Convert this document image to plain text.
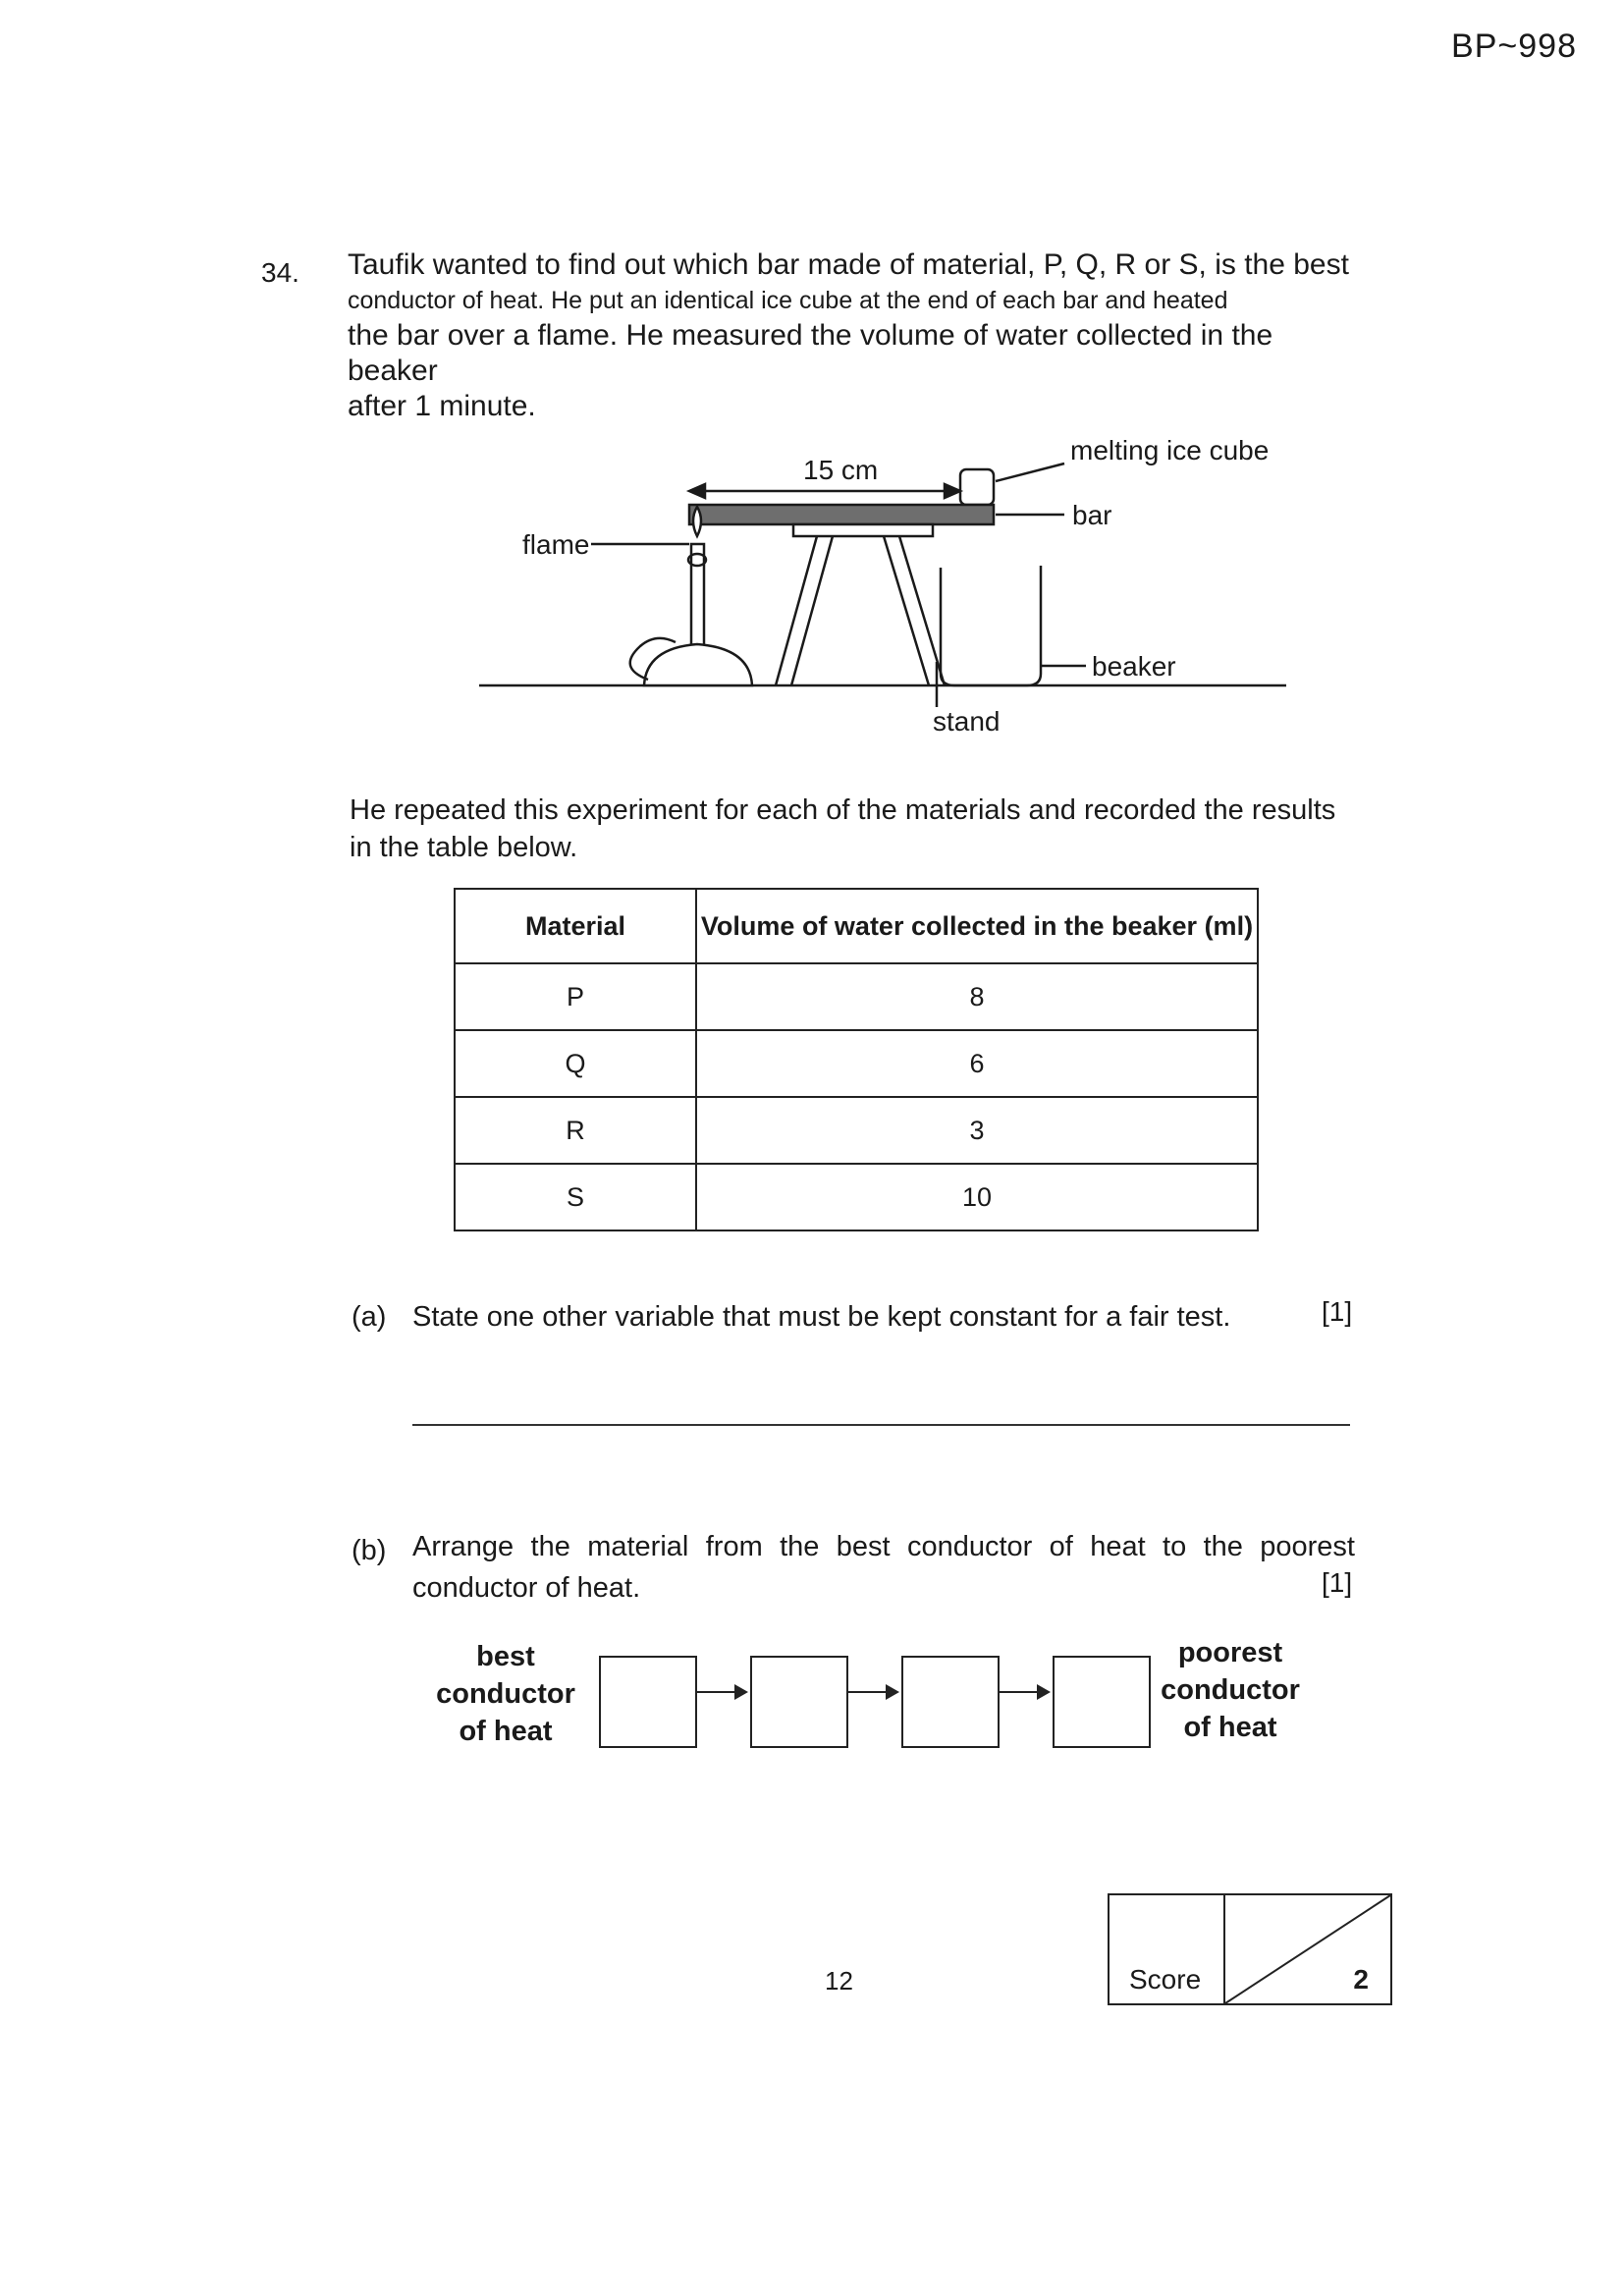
BP~998
34. Taufik wanted to find out which bar made of material, P, Q, R or S, is the best

conductor of heat. He put an identical ice cube at the end of each bar and heated

the bar over a flame. He measured the volume of water collected in the beaker

after 1 minute.

15 cm
melting ice cube
bar
flame
beaker
stand
He repeated this experiment for each of the materials and recorded the results
in the table below.
Material	Volume of water collected in the beaker (ml)
P	8
Q	6
R	3
S	10
(a) State one other variable that must be kept constant for a fair test.	[1]
(b) Arrange the material from the best conductor of heat to the poorest
conductor of heat.	[1]
best
conductor
of heat
poorest
conductor
of heat
12	Score	2
